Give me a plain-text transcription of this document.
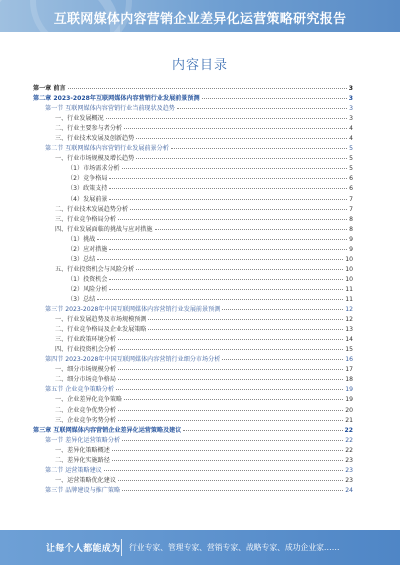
互联网媒体内容营销企业差异化运营策略研究报告
内容目录
第一章 前言	3
第二章 2023-2028年互联网媒体内容营销行业发展前景预测	3
第一节 互联网媒体内容营销行业当前现状及趋势	3
一、行业发展概况	3
二、行业主要参与者分析	4
三、行业技术发展及创新趋势	4
第二节 互联网媒体内容营销行业发展前景分析	5
一、行业市场规模及增长趋势	5
（1）市场需求分析	5
（2）竞争格局	6
（3）政策支持	6
（4）发展前景	7
二、行业技术发展趋势分析	7
三、行业竞争格局分析	8
四、行业发展面临的挑战与应对措施	8
（1）挑战	9
（2）应对措施	9
（3）总结	10
五、行业投资机会与风险分析	10
（1）投资机会	10
（2）风险分析	11
（3）总结	11
第三节 2023-2028年中国互联网媒体内容营销行业发展前景预测	12
一、行业发展趋势及市场规模预测	12
二、行业竞争格局及企业发展策略	13
三、行业政策环境分析	14
四、行业投资机会分析	15
第四节 2023-2028年中国互联网媒体内容营销行业细分市场分析	16
一、细分市场规模分析	17
二、细分市场竞争格局	18
第五节 企业竞争策略分析	19
一、企业差异化竞争策略	19
二、企业竞争优势分析	20
三、企业竞争劣势分析	21
第三章 互联网媒体内容营销企业差异化运营策略及建议	22
第一节 差异化运营策略分析	22
一、差异化策略概述	22
二、差异化实施路径	23
第二节 运营策略建议	23
一、运营策略优化建议	23
第三节 品牌建设与推广策略	24
让每个人都能成为 行业专家、管理专家、营销专家、战略专家、成功企业家……
